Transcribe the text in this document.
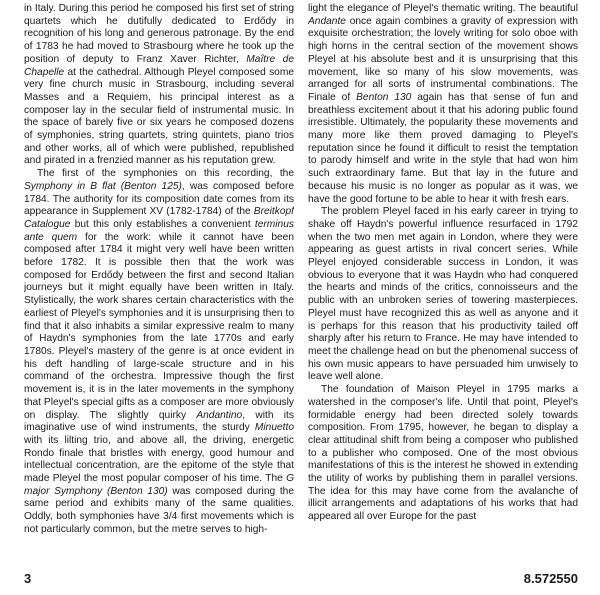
in Italy. During this period he composed his first set of string quartets which he dutifully dedicated to Erdődy in recognition of his long and generous patronage. By the end of 1783 he had moved to Strasbourg where he took up the position of deputy to Franz Xaver Richter, Maître de Chapelle at the cathedral. Although Pleyel composed some very fine church music in Strasbourg, including several Masses and a Requiem, his principal interest as a composer lay in the secular field of instrumental music. In the space of barely five or six years he composed dozens of symphonies, string quartets, string quintets, piano trios and other works, all of which were published, republished and pirated in a frenzied manner as his reputation grew.

The first of the symphonies on this recording, the Symphony in B flat (Benton 125), was composed before 1784. The authority for its composition date comes from its appearance in Supplement XV (1782-1784) of the Breitkopf Catalogue but this only establishes a convenient terminus ante quem for the work: while it cannot have been composed after 1784 it might very well have been written before 1782. It is possible then that the work was composed for Erdődy between the first and second Italian journeys but it might equally have been written in Italy. Stylistically, the work shares certain characteristics with the earliest of Pleyel's symphonies and it is unsurprising then to find that it also inhabits a similar expressive realm to many of Haydn's symphonies from the late 1770s and early 1780s. Pleyel's mastery of the genre is at once evident in his deft handling of large-scale structure and in his command of the orchestra. Impressive though the first movement is, it is in the later movements in the symphony that Pleyel's special gifts as a composer are more obviously on display. The slightly quirky Andantino, with its imaginative use of wind instruments, the sturdy Minuetto with its lilting trio, and above all, the driving, energetic Rondo finale that bristles with energy, good humour and intellectual concentration, are the epitome of the style that made Pleyel the most popular composer of his time. The G major Symphony (Benton 130) was composed during the same period and exhibits many of the same qualities. Oddly, both symphonies have 3/4 first movements which is not particularly common, but the metre serves to high-

light the elegance of Pleyel's thematic writing. The beautiful Andante once again combines a gravity of expression with exquisite orchestration; the lovely writing for solo oboe with high horns in the central section of the movement shows Pleyel at his absolute best and it is unsurprising that this movement, like so many of his slow movements, was arranged for all sorts of instrumental combinations. The Finale of Benton 130 again has that sense of fun and breathless excitement about it that his adoring public found irresistible. Ultimately, the popularity these movements and many more like them proved damaging to Pleyel's reputation since he found it difficult to resist the temptation to parody himself and write in the style that had won him such extraordinary fame. But that lay in the future and because his music is no longer as popular as it was, we have the good fortune to be able to hear it with fresh ears.

The problem Pleyel faced in his early career in trying to shake off Haydn's powerful influence resurfaced in 1792 when the two men met again in London, where they were appearing as guest artists in rival concert series. While Pleyel enjoyed considerable success in London, it was obvious to everyone that it was Haydn who had conquered the hearts and minds of the critics, connoisseurs and the public with an unbroken series of towering masterpieces. Pleyel must have recognized this as well as anyone and it is perhaps for this reason that his productivity tailed off sharply after his return to France. He may have intended to meet the challenge head on but the phenomenal success of his own music appears to have persuaded him unwisely to leave well alone.

The foundation of Maison Pleyel in 1795 marks a watershed in the composer's life. Until that point, Pleyel's formidable energy had been directed solely towards composition. From 1795, however, he began to display a clear attitudinal shift from being a composer who published to a publisher who composed. One of the most obvious manifestations of this is the interest he showed in extending the utility of works by publishing them in parallel versions. The idea for this may have come from the avalanche of illicit arrangements and adaptations of his works that had appeared all over Europe for the past

3	8.572550
